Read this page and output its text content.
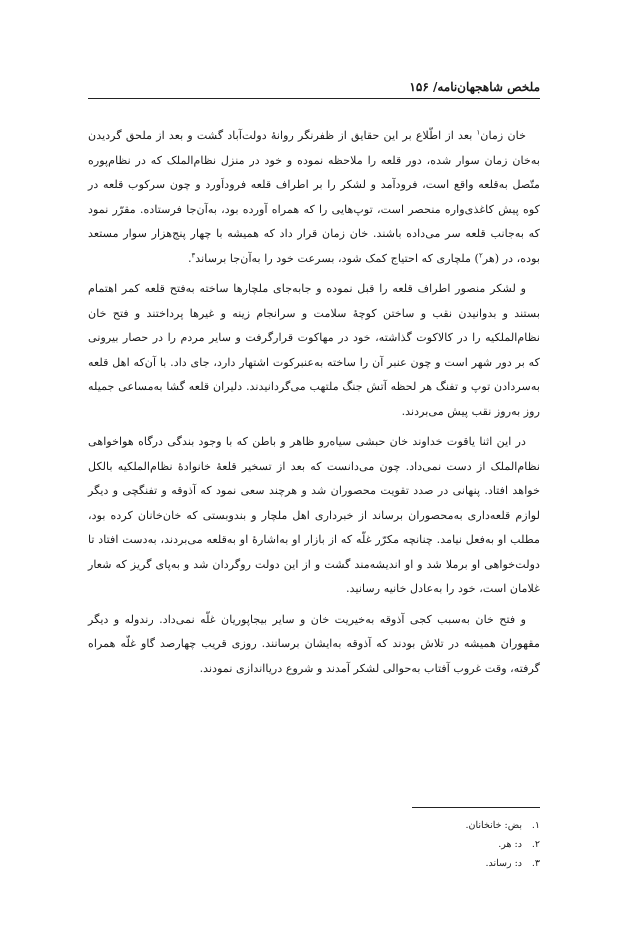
ملخص شاهجهان‌نامه/ ۱۵۶

خان زمان$^۱$ بعد از اطّلاع بر این حقایق از ظفرنگر روانهٔ دولت‌آباد گشت و بعد از ملحق گردیدن به‌خان زمان سوار شده، دور قلعه را ملاحظه نموده و خود در منزل نظام‌الملک که در نظام‌پوره متّصل به‌قلعه واقع است، فرودآمد و لشکر را بر اطراف قلعه فروداَورد و چون سرکوب قلعه در کوه پیش کاغذی‌واره منحصر است، توپ‌هایی را که همراه آورده بود، به‌آن‌جا فرستاده. مقرّر نمود که به‌جانب قلعه سر می‌داده باشند. خان زمان قرار داد که همیشه با چهار پنج‌هزار سوار مستعد بوده، در (هر$^۲$) ملچاری که احتیاج کمک شود، بسرعت خود را به‌آن‌جا برساند$^۳$.

و لشکر منصور اطراف قلعه را قبل نموده و جابه‌جای ملچارها ساخته به‌فتح قلعه کمر اهتمام بستند و بدوانیدن نقب و ساختن کوچهٔ سلامت و سرانجام زینه و غیرها پرداختند و فتح خان نظام‌الملکیه را در کالاکوت گذاشته، خود در مهاکوت قرارگرفت و سایر مردم را در حصار بیرونی که بر دور شهر است و چون عنبر آن را ساخته به‌عنبرکوت اشتهار دارد، جای داد. با آن‌که اهل قلعه به‌سردادن توپ و تفنگ هر لحظه آتش جنگ ملتهب می‌گردانیدند. دلیران قلعه گشا به‌مساعی جمیله روز به‌روز نقب پیش می‌بردند.

در این اثنا یاقوت خداوند خان حبشی سیاه‌رو ظاهر و باطن که با وجود بندگی درگاه هواخواهی نظام‌الملک از دست نمی‌داد. چون می‌دانست که بعد از تسخیر قلعهٔ خانوادهٔ نظام‌الملکیه بالکل خواهد افتاد. پنهانی در صدد تقویت محصوران شد و هرچند سعی نمود که آذوقه و تفنگچی و دیگر لوازم قلعه‌داری به‌محصوران برساند از خبرداری اهل ملچار و بندوبستی که خان‌خانان کرده بود، مطلب او به‌فعل نیامد. چنانچه مکرّر غلّه که از بازار او به‌اشارهٔ او به‌قلعه می‌بردند، به‌دست افتاد تا دولت‌خواهی او برملا شد و او اندیشه‌مند گشت و از این دولت روگردان شد و به‌پای گریز که شعار غلامان است، خود را به‌عادل خانیه رسانید.

و فتح خان به‌سبب کجی آذوقه به‌خیریت خان و سایر بیجاپوریان غلّه نمی‌داد. رندوله و دیگر مقهوران همیشه در تلاش بودند که آذوقه به‌ایشان برسانند. روزی قریب چهارصد گاو غلّه همراه گرفته، وقت غروب آفتاب به‌حوالی لشکر آمدند و شروع دریااندازی نمودند.

۱.بض: خانخانان.
۲.د: هر.
۳.د: رساند.
